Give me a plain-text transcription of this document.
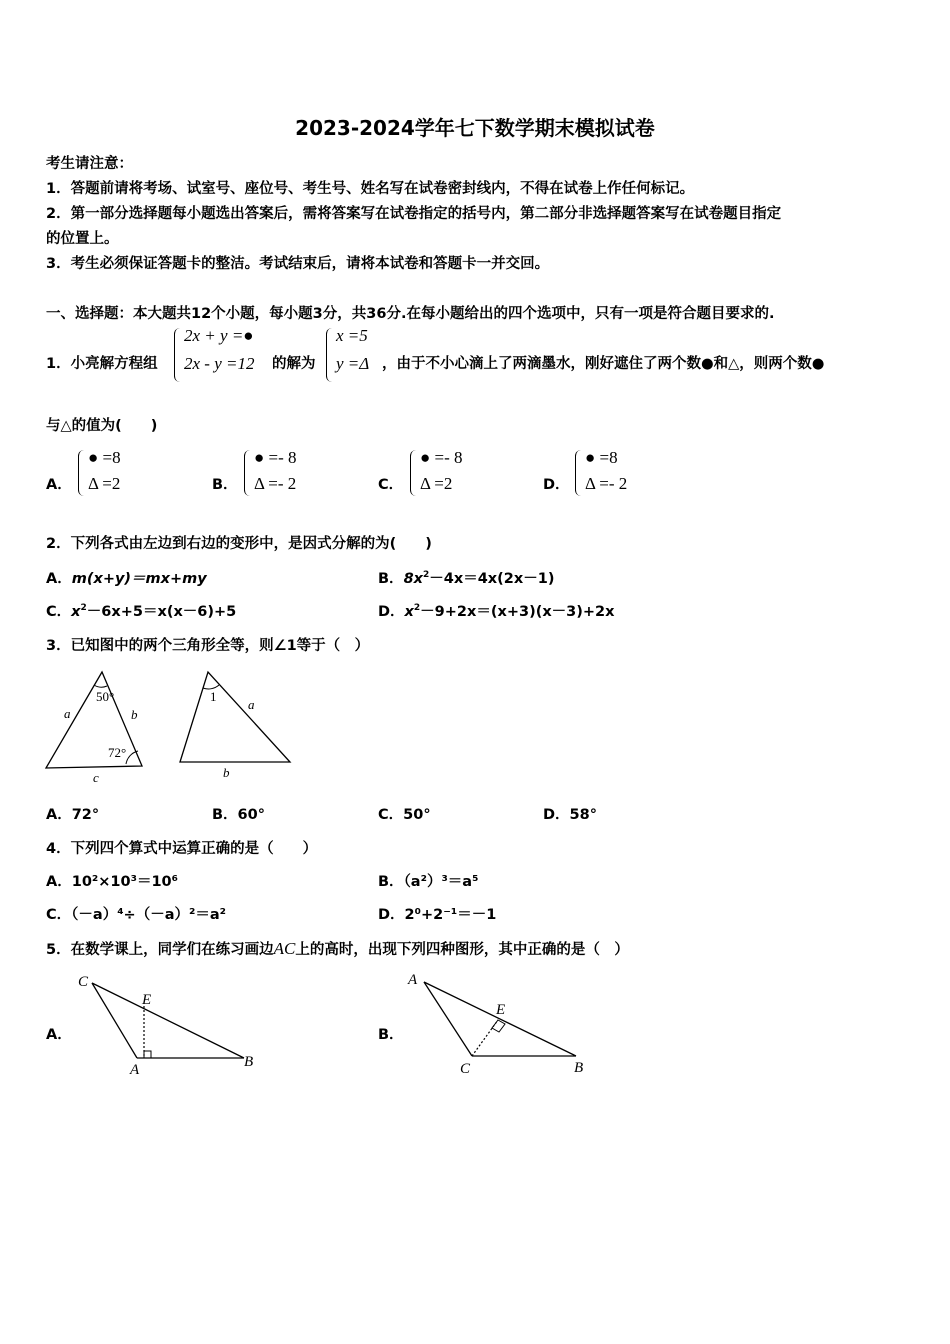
2023-2024学年七下数学期末模拟试卷
考生请注意：
1．答题前请将考场、试室号、座位号、考生号、姓名写在试卷密封线内，不得在试卷上作任何标记。
2．第一部分选择题每小题选出答案后，需将答案写在试卷指定的括号内，第二部分非选择题答案写在试卷题目指定
的位置上。
3．考生必须保证答题卡的整洁。考试结束后，请将本试卷和答题卡一并交回。
一、选择题：本大题共12个小题，每小题3分，共36分.在每小题给出的四个选项中，只有一项是符合题目要求的.
1．小亮解方程组
2x + y =●
2x - y =12 的解为
x =5
y =Δ ，由于不小心滴上了两滴墨水，刚好遮住了两个数●和△，则两个数●
与△的值为(　　)
A．
● =8
Δ =2	B．
● =- 8
Δ =- 2	C．
● =- 8
Δ =2	D．
● =8
Δ =- 2
2．下列各式由左边到右边的变形中，是因式分解的为(　　)
A．m(x+y)＝mx+my	B．$8x^2-4x=4x(2x-1)$
C．$x^2-6x+5=x(x-6)+5$	D．$x^2-9+2x=(x+3)(x-3)+2x$
3．已知图中的两个三角形全等，则∠1等于（　）
50°
72°
a	b
c
1
a
b
A．72°	B．60°	C．50°	D．58°
4．下列四个算式中运算正确的是（　　）
A．10²×10³＝10⁶	B．（a²）³＝a⁵
C．（－a）⁴÷（－a）²＝a²	D．2⁰+2⁻¹＝－1
5．在数学课上，同学们在练习画边AC上的高时，出现下列四种图形，其中正确的是（　）
A．
C
E
A	B
B．
A
E
C	B
